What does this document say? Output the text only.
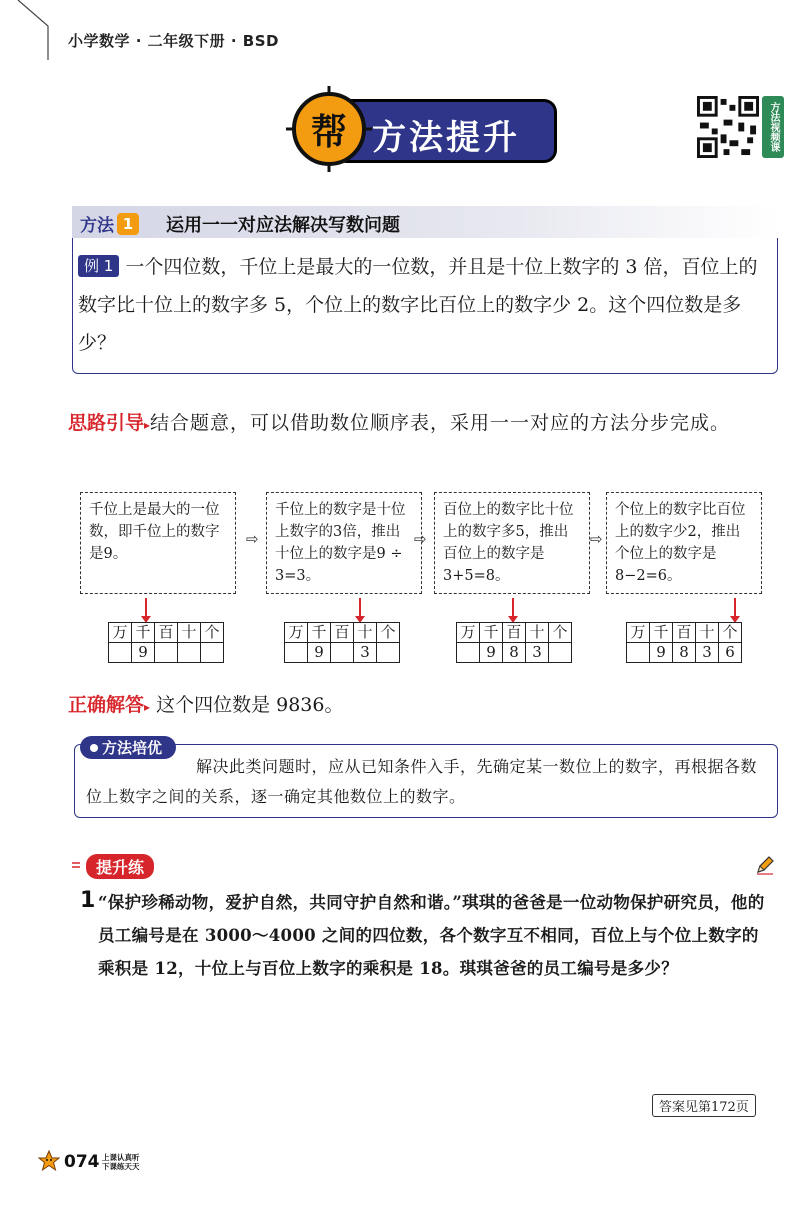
小学数学 · 二年级下册 · BSD
方法提升
帮	方法视频课
方法 1	运用一一对应法解决写数问题
例 1 一个四位数，千位上是最大的一位数，并且是十位上数字的 3 倍，百位上的数字比十位上的数字多 5，个位上的数字比百位上的数字少 2。这个四位数是多少？
思路引导▸结合题意，可以借助数位顺序表，采用一一对应的方法分步完成。
千位上是最大的一位数，即千位上的数字是9。
⇨
千位上的数字是十位上数字的3倍，推出十位上的数字是9 ÷ 3=3。
⇨
百位上的数字比十位上的数字多5，推出百位上的数字是3+5=8。
⇨
个位上的数字比百位上的数字少2，推出个位上的数字是8−2=6。
万	千	百	十	个
	9			
万	千	百	十	个
	9		3	
万	千	百	十	个
	9	8	3	
万	千	百	十	个
	9	8	3	6
正确解答▸ 这个四位数是 9836。
方法培优
解决此类问题时，应从已知条件入手，先确定某一数位上的数字，再根据各数位上数字之间的关系，逐一确定其他数位上的数字。
提升练
1 “保护珍稀动物，爱护自然，共同守护自然和谐。”琪琪的爸爸是一位动物保护研究员，他的员工编号是在 3000～4000 之间的四位数，各个数字互不相同，百位上与个位上数字的乘积是 12，十位上与百位上数字的乘积是 18。琪琪爸爸的员工编号是多少？
答案见第172页
074 上课认真听
下课练天天
